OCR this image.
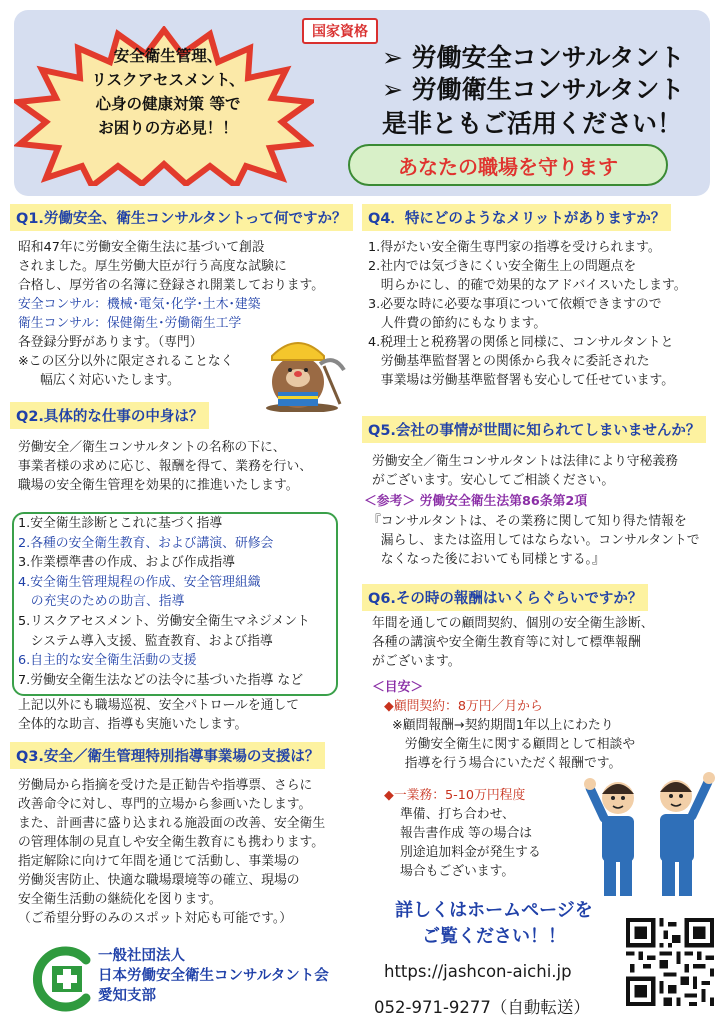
安全衛生管理、
リスクアセスメント、
心身の健康対策 等で
お困りの方必見！！
国家資格
➢ 労働安全コンサルタント
➢ 労働衛生コンサルタント
是非ともご活用ください！
あなたの職場を守ります
Q1.労働安全、衛生コンサルタントって何ですか？
昭和47年に労働安全衛生法に基づいて創設
されました。厚生労働大臣が行う高度な試験に
合格し、厚労省の名簿に登録され開業しております。
安全コンサル：機械･電気･化学･土木･建築
衛生コンサル：保健衛生･労働衛生工学
各登録分野があります。（専門）
※この区分以外に限定されることなく
幅広く対応いたします。
Q2.具体的な仕事の中身は？
労働安全／衛生コンサルタントの名称の下に、
事業者様の求めに応じ、報酬を得て、業務を行い、
職場の安全衛生管理を効果的に推進いたします。
1.安全衛生診断とこれに基づく指導
2.各種の安全衛生教育、および講演、研修会
3.作業標準書の作成、および作成指導
4.安全衛生管理規程の作成、安全管理組織
　の充実のための助言、指導
5.リスクアセスメント、労働安全衛生マネジメント
　システム導入支援、監査教育、および指導
6.自主的な安全衛生活動の支援
7.労働安全衛生法などの法令に基づいた指導 など
上記以外にも職場巡視、安全パトロールを通して
全体的な助言、指導も実施いたします。
Q3.安全／衛生管理特別指導事業場の支援は？
労働局から指摘を受けた是正勧告や指導票、さらに
改善命令に対し、専門的立場から参画いたします。
また、計画書に盛り込まれる施設面の改善、安全衛生
の管理体制の見直しや安全衛生教育にも携わります。
指定解除に向けて年間を通じて活動し、事業場の
労働災害防止、快適な職場環境等の確立、現場の
安全衛生活動の継続化を図ります。
（ご希望分野のみのスポット対応も可能です。）
Q4．特にどのようなメリットがありますか？
1.得がたい安全衛生専門家の指導を受けられます。
2.社内では気づきにくい安全衛生上の問題点を
　明らかにし、的確で効果的なアドバイスいたします。
3.必要な時に必要な事項について依頼できますので
　人件費の節約にもなります。
4.税理士と税務署の関係と同様に、コンサルタントと
　労働基準監督署との関係から我々に委託された
　事業場は労働基準監督署も安心して任せています。
Q5.会社の事情が世間に知られてしまいませんか？
労働安全／衛生コンサルタントは法律により守秘義務
がございます。安心してご相談ください。
＜参考＞ 労働安全衛生法第86条第2項
『コンサルタントは、その業務に関して知り得た情報を
　漏らし、または盗用してはならない。コンサルタントで
　なくなった後においても同様とする。』
Q6.その時の報酬はいくらぐらいですか？
年間を通しての顧問契約、個別の安全衛生診断、
各種の講演や安全衛生教育等に対して標準報酬
がございます。
＜目安＞
◆顧問契約：8万円／月から
※顧問報酬→契約期間1年以上にわたり
　労働安全衛生に関する顧問として相談や
　指導を行う場合にいただく報酬です。
◆一業務：5-10万円程度
準備、打ち合わせ、
報告書作成 等の場合は
別途追加料金が発生する
場合もございます。
一般社団法人
日本労働安全衛生コンサルタント会
愛知支部
詳しくはホームページを
ご覧ください！！
https://jashcon-aichi.jp
052-971-9277（自動転送）
